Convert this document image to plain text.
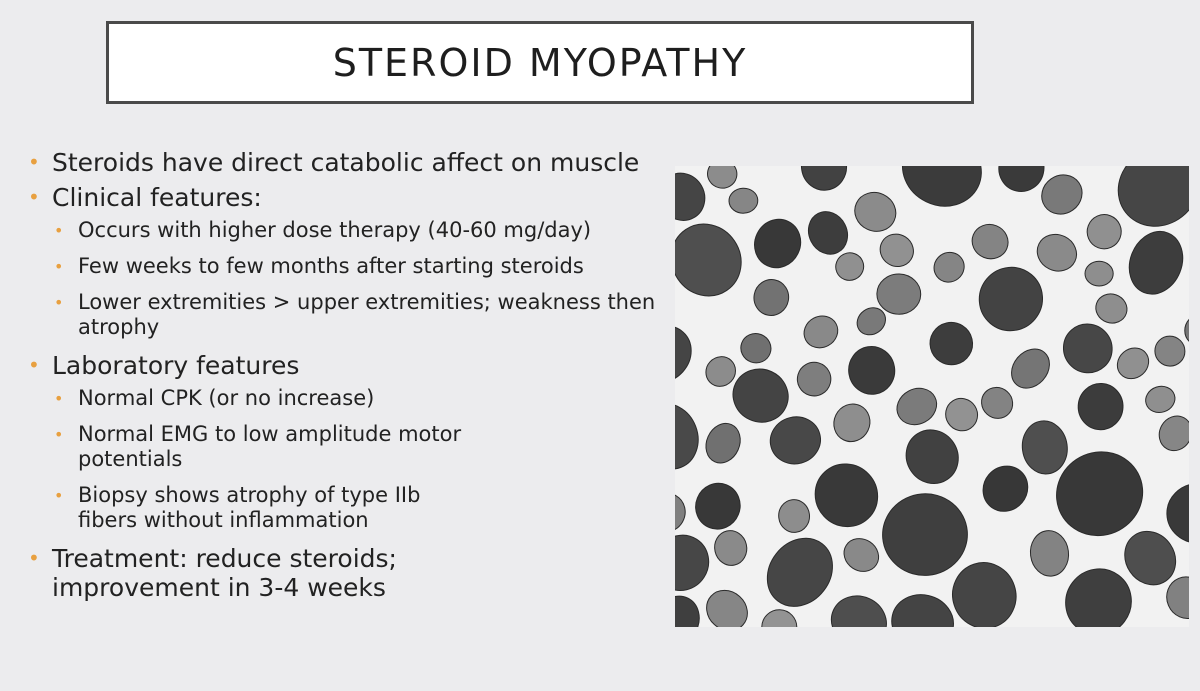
STEROID MYOPATHY
• Steroids have direct catabolic affect on muscle
• Clinical features:
• Occurs with higher dose therapy (40-60 mg/day)
• Few weeks to few months after starting steroids
• Lower extremities > upper extremities; weakness then atrophy
• Laboratory features
• Normal CPK (or no increase)
• Normal EMG to low amplitude motor potentials
• Biopsy shows atrophy of type IIb fibers without inflammation
• Treatment: reduce steroids; improvement in 3-4 weeks
